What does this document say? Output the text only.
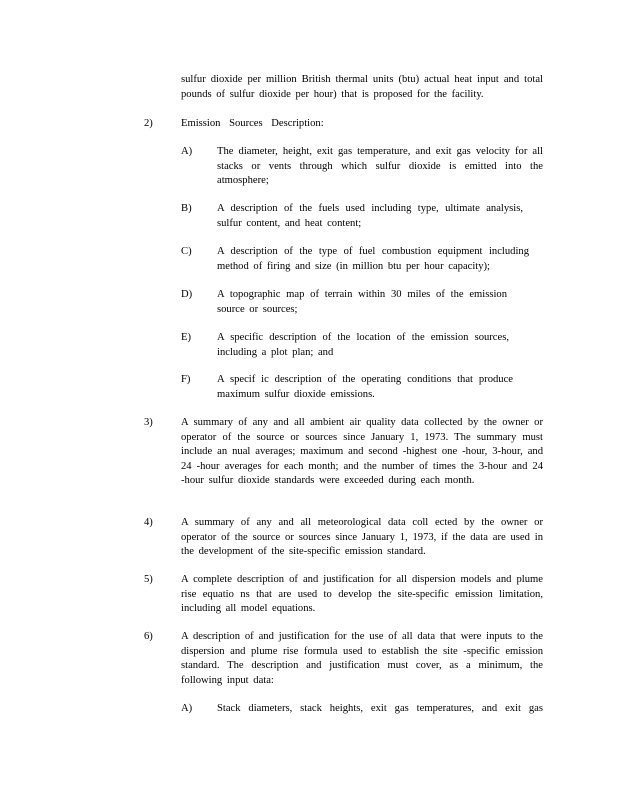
sulfur dioxide per million British thermal units (btu) actual heat input and total pounds of sulfur dioxide per hour) that is proposed for the facility.
2)	Emission Sources Description:
A) The diameter, height, exit gas temperature, and exit gas velocity for all stacks or vents through which sulfur dioxide is emitted into the atmosphere;
B) A description of the fuels used including type, ultimate analysis, sulfur content, and heat content;
C) A description of the type of fuel combustion equipment including method of firing and size (in million btu per hour capacity);
D) A topographic map of terrain within 30 miles of the emission source or sources;
E) A specific description of the location of the emission sources, including a plot plan; and
F)	A specif ic description of the operating conditions that produce maximum sulfur dioxide emissions.
3)	A summary of any and all ambient air quality data collected by the owner or operator of the source or sources since January 1, 1973. The summary must include an nual averages; maximum and second -highest one -hour, 3-hour, and 24 -hour averages for each month; and the number of times the 3-hour and 24 -hour sulfur dioxide standards were exceeded during each month.
4)	A summary of any and all meteorological data coll ected by the owner or operator of the source or sources since January 1, 1973, if the data are used in the development of the site-specific emission standard.
5)	A complete description of and justification for all dispersion models and plume rise equatio ns that are used to develop the site-specific emission limitation, including all model equations.
6)	A description of and justification for the use of all data that were inputs to the dispersion and plume rise formula used to establish the site -specific emission standard. The description and justification must cover, as a minimum, the following input data:
A) Stack diameters, stack heights, exit gas temperatures, and exit gas
